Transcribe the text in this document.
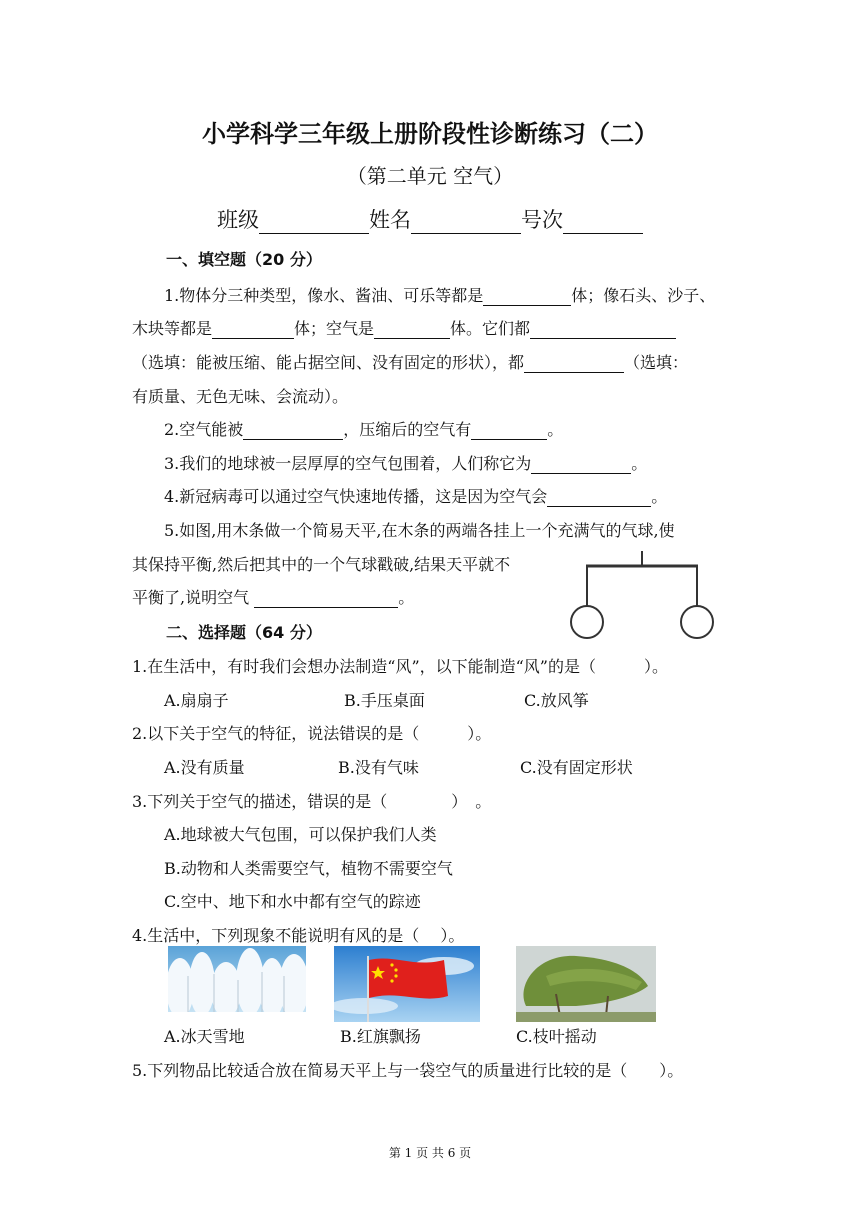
小学科学三年级上册阶段性诊断练习（二）
（第二单元 空气）
班级	姓名	号次
一、填空题（20 分）
1.物体分三种类型，像水、酱油、可乐等都是	体；像石头、沙子、
木块等都是	体；空气是	体。它们都
（选填：能被压缩、能占据空间、没有固定的形状），都	（选填：
有质量、无色无味、会流动）。
2.空气能被	，压缩后的空气有	。
3.我们的地球被一层厚厚的空气包围着，人们称它为	。
4.新冠病毒可以通过空气快速地传播，这是因为空气会	。
5.如图,用木条做一个简易天平,在木条的两端各挂上一个充满气的气球,使
其保持平衡,然后把其中的一个气球戳破,结果天平就不
平衡了,说明空气	。
二、选择题（64 分）
1.在生活中，有时我们会想办法制造“风”，以下能制造“风”的是（　　　）。
A.扇扇子	B.手压桌面	C.放风筝
2.以下关于空气的特征，说法错误的是（　　　）。
A.没有质量	B.没有气味	C.没有固定形状
3.下列关于空气的描述，错误的是（　　　　）　。
A.地球被大气包围，可以保护我们人类
B.动物和人类需要空气，植物不需要空气
C.空中、地下和水中都有空气的踪迹
4.生活中，下列现象不能说明有风的是（　 ）。
A.冰天雪地	B.红旗飘扬	C.枝叶摇动
5.下列物品比较适合放在简易天平上与一袋空气的质量进行比较的是（　　）。
第 1 页 共 6 页
